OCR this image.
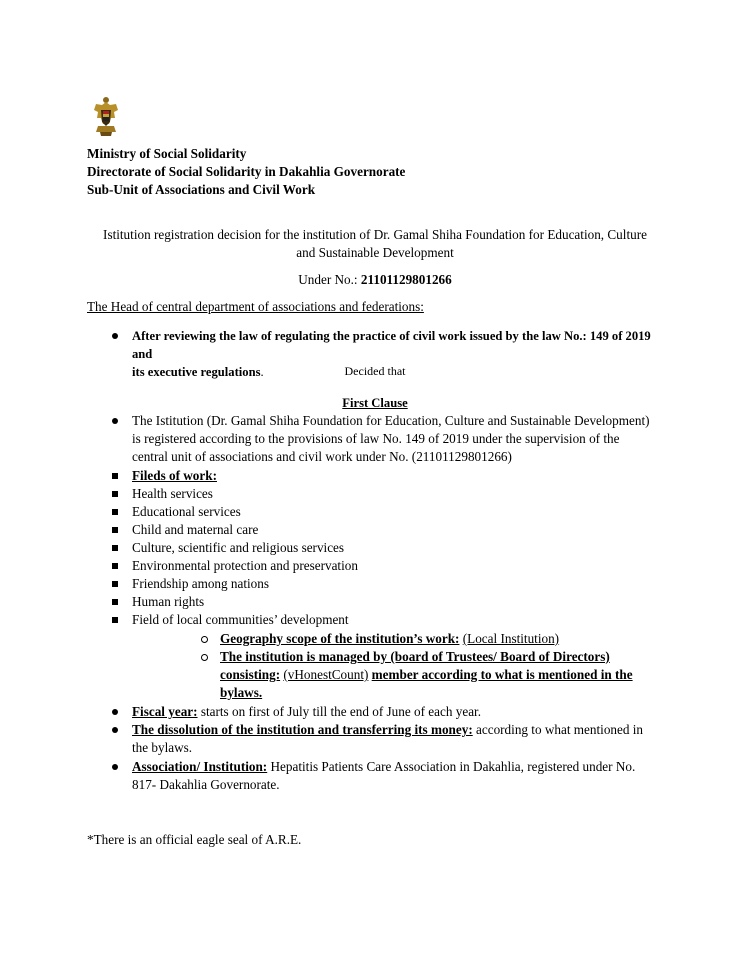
Ministry of Social Solidarity
Directorate of Social Solidarity in Dakahlia Governorate
Sub-Unit of Associations and Civil Work
Istitution registration decision for the institution of Dr. Gamal Shiha Foundation for Education, Culture
and Sustainable Development
Under No.: 21101129801266
The Head of central department of associations and federations:
After reviewing the law of regulating the practice of civil work issued by the law No.: 149 of 2019 and
its executive regulations.	Decided that
First Clause
The Istitution (Dr. Gamal Shiha Foundation for Education, Culture and Sustainable Development)
is registered according to the provisions of law No. 149 of 2019 under the supervision of the
central unit of associations and civil work under No. (21101129801266)
Fileds of work:
Health services
Educational services
Child and maternal care
Culture, scientific and religious services
Environmental protection and preservation
Friendship among nations
Human rights
Field of local communities’ development
Geography scope of the institution’s work: (Local Institution)
The institution is managed by (board of Trustees/ Board of Directors)
consisting: (vHonestCount) member according to what is mentioned in the
bylaws.
Fiscal year: starts on first of July till the end of June of each year.
The dissolution of the institution and transferring its money: according to what mentioned in
the bylaws.
Association/ Institution: Hepatitis Patients Care Association in Dakahlia, registered under No.
817- Dakahlia Governorate.
*There is an official eagle seal of A.R.E.
